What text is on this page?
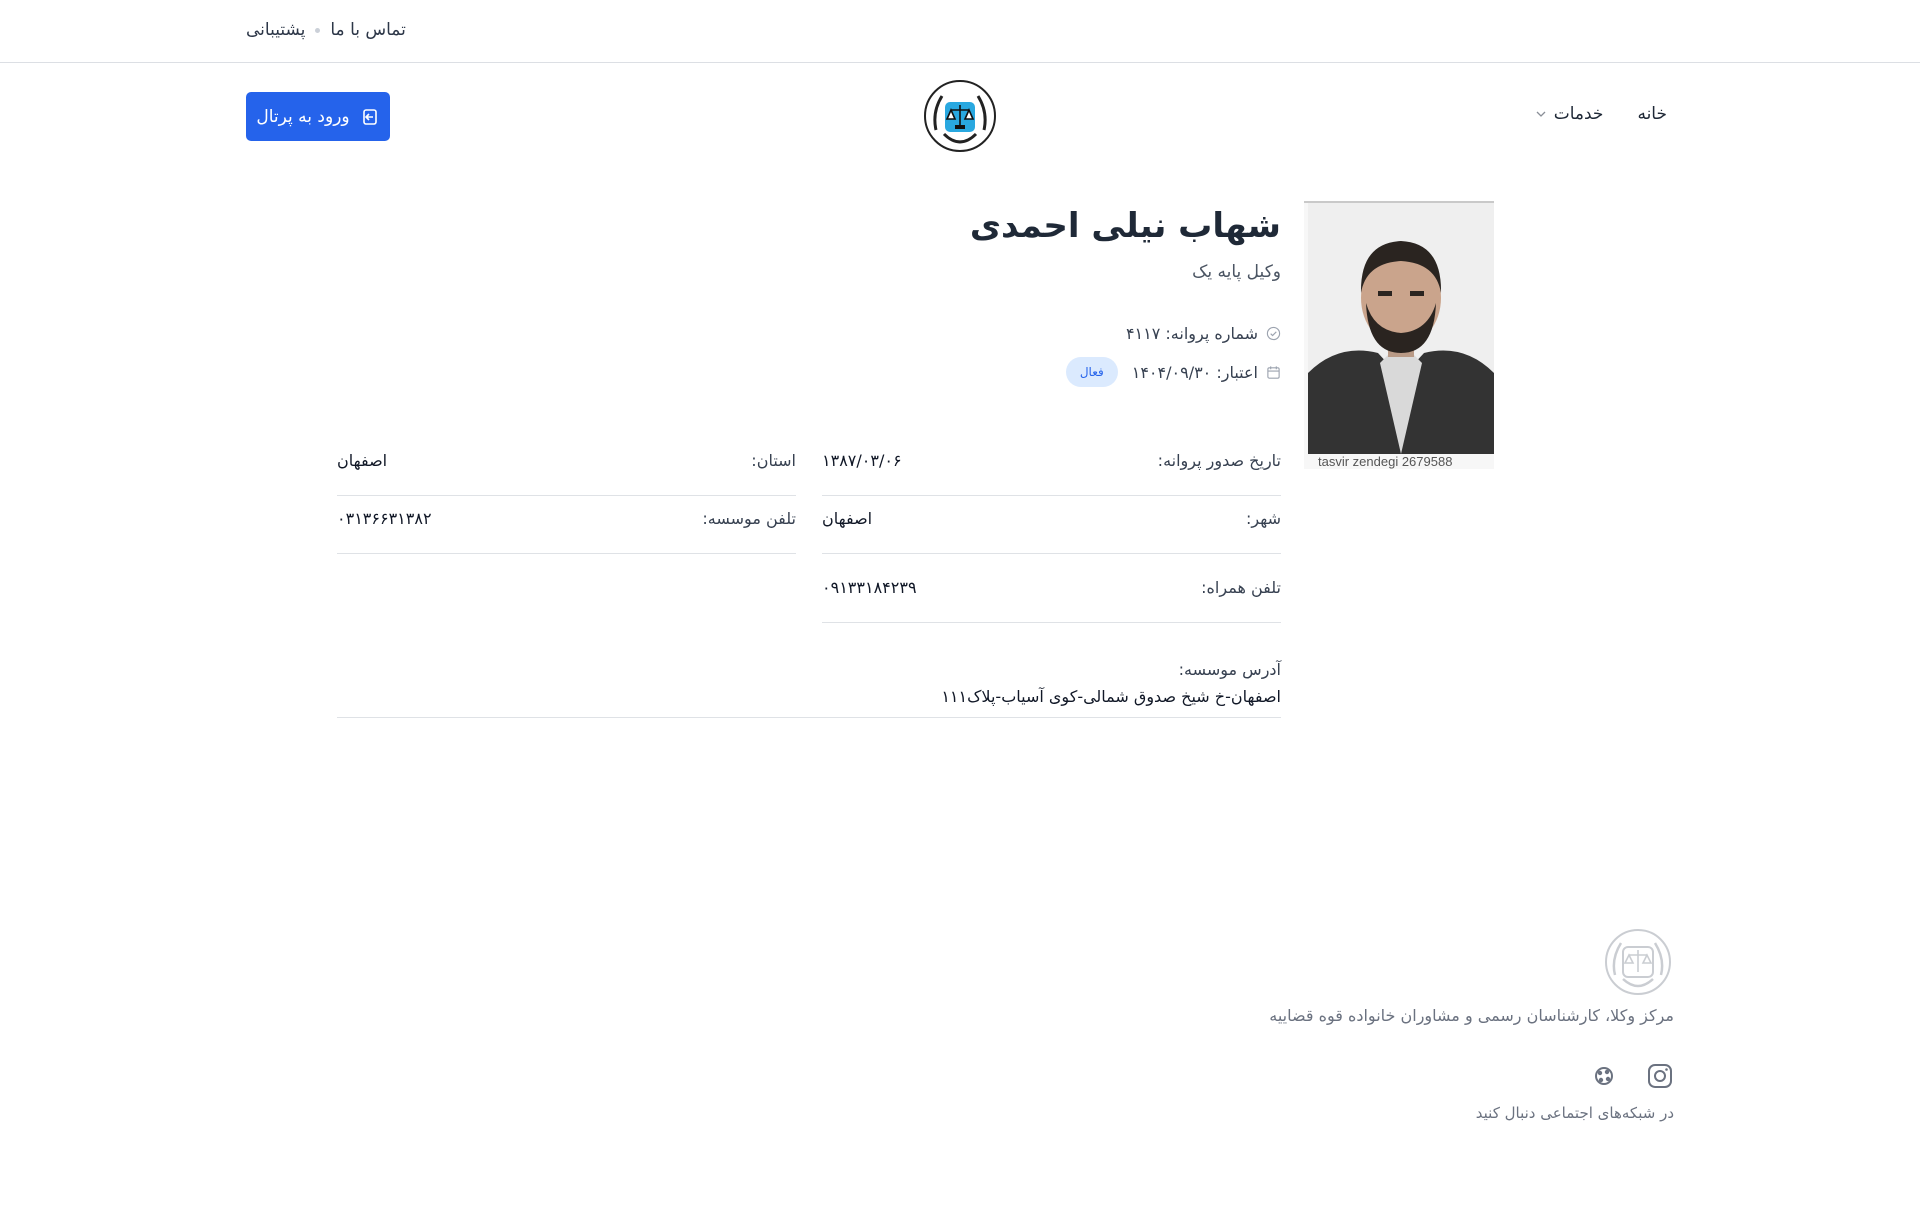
پشتیبانی تماس با ما
ورود به پرتال	خانه
خدمات
tasvir zendegi 2679588
شهاب نیلی احمدی
وکیل پایه یک
شماره پروانه: ۴۱۱۷
اعتبار: ۱۴۰۴/۰۹/۳۰
فعال
تاریخ صدور پروانه:
۱۳۸۷/۰۳/۰۶
استان:
اصفهان
شهر:
اصفهان
تلفن موسسه:
۰۳۱۳۶۶۳۱۳۸۲
تلفن همراه:
۰۹۱۳۳۱۸۴۲۳۹
آدرس موسسه:
اصفهان-خ شیخ صدوق شمالی-کوی آسیاب-پلاک۱۱۱
مرکز وکلا، کارشناسان رسمی و مشاوران خانواده قوه قضاییه
در شبکه‌های اجتماعی دنبال کنید
